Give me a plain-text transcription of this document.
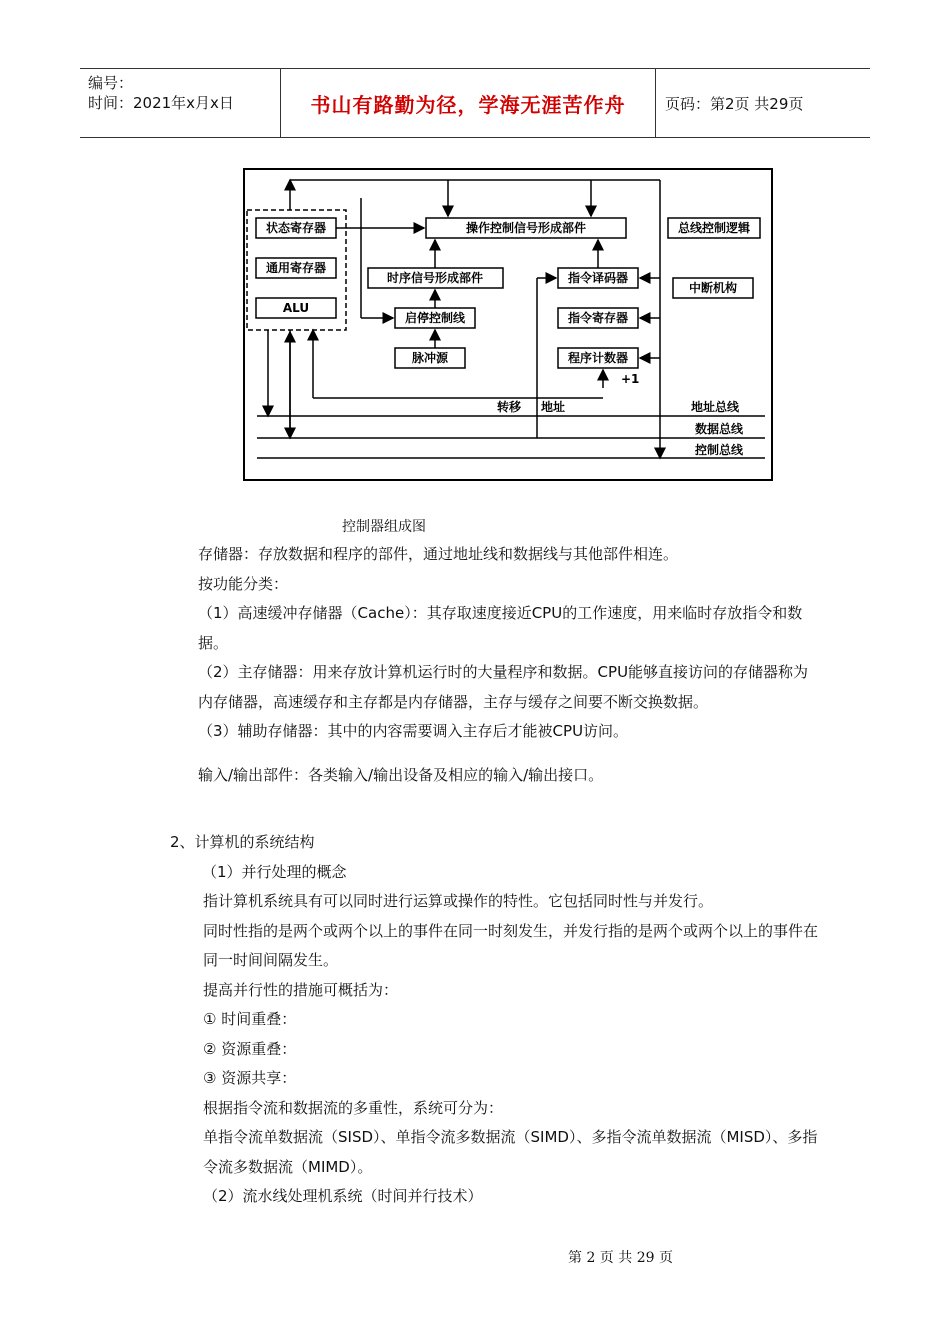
编号：
时间：2021年x月x日	书山有路勤为径，学海无涯苦作舟	页码：第2页 共29页
状态寄存器
通用寄存器
ALU
操作控制信号形成部件
时序信号形成部件
启停控制线
脉冲源
指令译码器
指令寄存器
程序计数器
总线控制逻辑
中断机构
+1
转移 地址	地址总线
数据总线
控制总线
控制器组成图

存储器：存放数据和程序的部件，通过地址线和数据线与其他部件相连。

按功能分类：

（1）高速缓冲存储器（Cache）：其存取速度接近CPU的工作速度，用来临时存放指令和数据。

（2）主存储器：用来存放计算机运行时的大量程序和数据。CPU能够直接访问的存储器称为内存储器，高速缓存和主存都是内存储器，主存与缓存之间要不断交换数据。

（3）辅助存储器：其中的内容需要调入主存后才能被CPU访问。

输入/输出部件：各类输入/输出设备及相应的输入/输出接口。

2、计算机的系统结构

（1）并行处理的概念

指计算机系统具有可以同时进行运算或操作的特性。它包括同时性与并发行。

同时性指的是两个或两个以上的事件在同一时刻发生，并发行指的是两个或两个以上的事件在同一时间间隔发生。

提高并行性的措施可概括为：

① 时间重叠：

② 资源重叠：

③ 资源共享：

根据指令流和数据流的多重性，系统可分为：

单指令流单数据流（SISD）、单指令流多数据流（SIMD）、多指令流单数据流（MISD）、多指令流多数据流（MIMD）。

（2）流水线处理机系统（时间并行技术）

第 2 页 共 29 页
